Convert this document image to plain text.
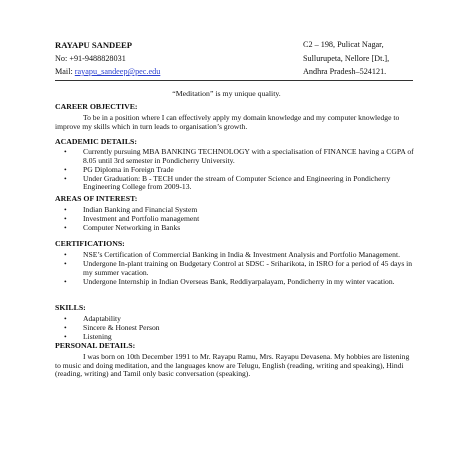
RAYAPU SANDEEP
No: +91-9488828031
Mail: rayapu_sandeep@pec.edu
C2 – 198, Pulicat Nagar,
Sullurupeta, Nellore [Dt.],
Andhra Pradesh–524121.
“Meditation” is my unique quality.
CAREER OBJECTIVE:
To be in a position where I can effectively apply my domain knowledge and my computer knowledge to improve my skills which in turn leads to organisation’s growth.
ACADEMIC DETAILS:
• Currently pursuing MBA BANKING TECHNOLOGY with a specialisation of FINANCE having a CGPA of 8.05 until 3rd semester in Pondicherry University.
• PG Diploma in Foreign Trade
• Under Graduation: B - TECH under the stream of Computer Science and Engineering in Pondicherry Engineering College from 2009-13.
AREAS OF INTEREST:
• Indian Banking and Financial System
• Investment and Portfolio management
• Computer Networking in Banks
CERTIFICATIONS:
• NSE’s Certification of Commercial Banking in India & Investment Analysis and Portfolio Management.
• Undergone In-plant training on Budgetary Control at SDSC - Sriharikota, in ISRO for a period of 45 days in my summer vacation.
• Undergone Internship in Indian Overseas Bank, Reddiyarpalayam, Pondicherry in my winter vacation.
SKILLS:
• Adaptability
• Sincere & Honest Person
• Listening
PERSONAL DETAILS:
I was born on 10th December 1991 to Mr. Rayapu Ramu, Mrs. Rayapu Devasena. My hobbies are listening to music and doing meditation, and the languages know are Telugu, English (reading, writing and speaking), Hindi (reading, writing) and Tamil only basic conversation (speaking).
